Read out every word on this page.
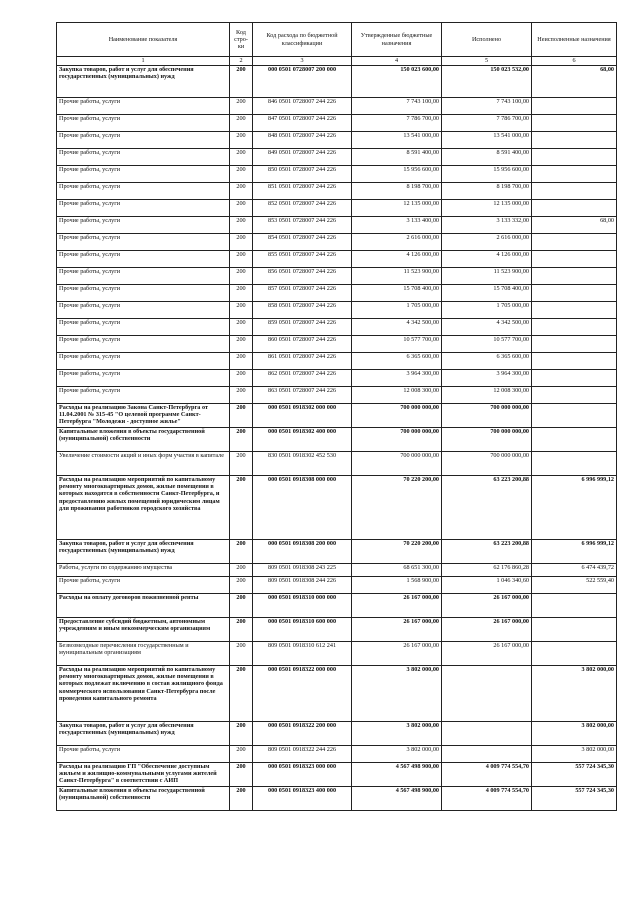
Наименование показателя	Код стро-ки	Код расхода по бюджетной классификации	Утвержденные бюджетные назначения	Исполнено	Неисполненные назначения
1	2	3	4	5	6
Закупка товаров, работ и услуг для обеспечения государственных (муниципальных) нужд	200	000 0501 0728007 200 000	150 023 600,00	150 023 532,00	68,00
Прочие работы, услуги	200	846 0501 0728007 244 226	7 743 100,00	7 743 100,00	
Прочие работы, услуги	200	847 0501 0728007 244 226	7 786 700,00	7 786 700,00	
Прочие работы, услуги	200	848 0501 0728007 244 226	13 541 000,00	13 541 000,00	
Прочие работы, услуги	200	849 0501 0728007 244 226	8 591 400,00	8 591 400,00	
Прочие работы, услуги	200	850 0501 0728007 244 226	15 956 600,00	15 956 600,00	
Прочие работы, услуги	200	851 0501 0728007 244 226	8 198 700,00	8 198 700,00	
Прочие работы, услуги	200	852 0501 0728007 244 226	12 135 000,00	12 135 000,00	
Прочие работы, услуги	200	853 0501 0728007 244 226	3 133 400,00	3 133 332,00	68,00
Прочие работы, услуги	200	854 0501 0728007 244 226	2 616 000,00	2 616 000,00	
Прочие работы, услуги	200	855 0501 0728007 244 226	4 126 000,00	4 126 000,00	
Прочие работы, услуги	200	856 0501 0728007 244 226	11 523 900,00	11 523 900,00	
Прочие работы, услуги	200	857 0501 0728007 244 226	15 708 400,00	15 708 400,00	
Прочие работы, услуги	200	858 0501 0728007 244 226	1 705 000,00	1 705 000,00	
Прочие работы, услуги	200	859 0501 0728007 244 226	4 342 500,00	4 342 500,00	
Прочие работы, услуги	200	860 0501 0728007 244 226	10 577 700,00	10 577 700,00	
Прочие работы, услуги	200	861 0501 0728007 244 226	6 365 600,00	6 365 600,00	
Прочие работы, услуги	200	862 0501 0728007 244 226	3 964 300,00	3 964 300,00	
Прочие работы, услуги	200	863 0501 0728007 244 226	12 008 300,00	12 008 300,00	
Расходы на реализацию Закона Санкт-Петербурга от 11.04.2001 № 315-45 "О целевой программе Санкт-Петербурга "Молодежи - доступное жилье"	200	000 0501 0918302 000 000	700 000 000,00	700 000 000,00	
Капитальные вложения в объекты государственной (муниципальной) собственности	200	000 0501 0918302 400 000	700 000 000,00	700 000 000,00	
Увеличение стоимости акций и иных форм участия в капитале	200	830 0501 0918302 452 530	700 000 000,00	700 000 000,00	
Расходы на реализацию мероприятий по капитальному ремонту многоквартирных домов, жилые помещения в которых находятся в собственности Санкт-Петербурга, и предоставлению жилых помещений юридическим лицам для проживания работников городского хозяйства	200	000 0501 0918308 000 000	70 220 200,00	63 223 200,88	6 996 999,12
Закупка товаров, работ и услуг для обеспечения государственных (муниципальных) нужд	200	000 0501 0918308 200 000	70 220 200,00	63 223 200,88	6 996 999,12
Работы, услуги по содержанию имущества	200	809 0501 0918308 243 225	68 651 300,00	62 176 860,28	6 474 439,72
Прочие работы, услуги	200	809 0501 0918308 244 226	1 568 900,00	1 046 340,60	522 559,40
Расходы на оплату договоров пожизненной ренты	200	000 0501 0918310 000 000	26 167 000,00	26 167 000,00	
Предоставление субсидий бюджетным, автономным учреждениям и иным некоммерческим организациям	200	000 0501 0918310 600 000	26 167 000,00	26 167 000,00	
Безвозмездные перечисления государственным и муниципальным организациям	200	809 0501 0918310 612 241	26 167 000,00	26 167 000,00	
Расходы на реализацию мероприятий по капитальному ремонту многоквартирных домов, жилые помещения в которых подлежат включению в состав жилищного фонда коммерческого использования Санкт-Петербурга после проведения капитального ремонта	200	000 0501 0918322 000 000	3 802 000,00		3 802 000,00
Закупка товаров, работ и услуг для обеспечения государственных (муниципальных) нужд	200	000 0501 0918322 200 000	3 802 000,00		3 802 000,00
Прочие работы, услуги	200	809 0501 0918322 244 226	3 802 000,00		3 802 000,00
Расходы на реализацию ГП "Обеспечение доступным жильем и жилищно-коммунальными услугами жителей Санкт-Петербурга" в соответствии с АИП	200	000 0501 0918323 000 000	4 567 498 900,00	4 009 774 554,70	557 724 345,30
Капитальные вложения в объекты государственной (муниципальной) собственности	200	000 0501 0918323 400 000	4 567 498 900,00	4 009 774 554,70	557 724 345,30
